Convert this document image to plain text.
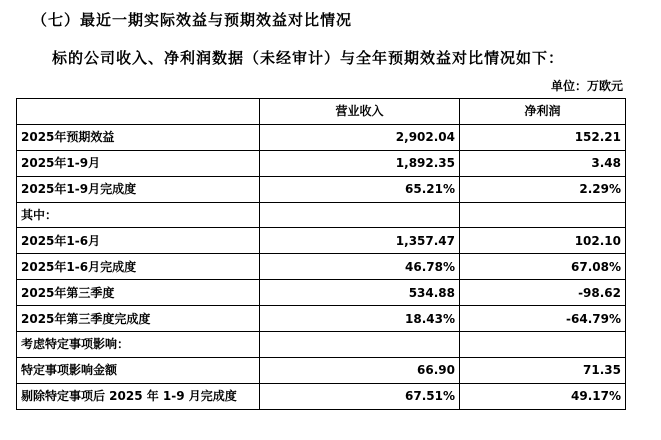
（七）最近一期实际效益与预期效益对比情况
标的公司收入、净利润数据（未经审计）与全年预期效益对比情况如下：
单位：万欧元
	营业收入	净利润
2025年预期效益	2,902.04	152.21
2025年1-9月	1,892.35	3.48
2025年1-9月完成度	65.21%	2.29%
其中：		
2025年1-6月	1,357.47	102.10
2025年1-6月完成度	46.78%	67.08%
2025年第三季度	534.88	-98.62
2025年第三季度完成度	18.43%	-64.79%
考虑特定事项影响：		
特定事项影响金额	66.90	71.35
剔除特定事项后 2025 年 1-9 月完成度	67.51%	49.17%
